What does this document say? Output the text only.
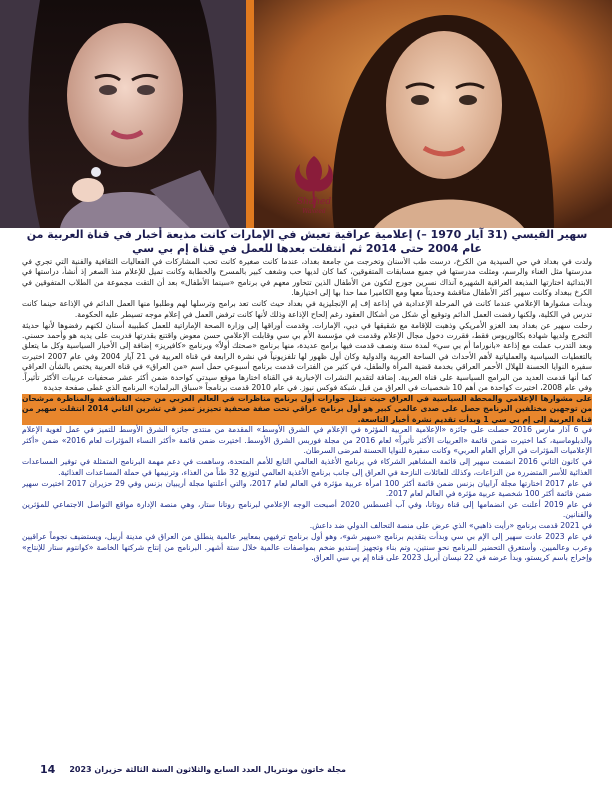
Shahed
Waxeed
سهير القيسي (31 آيار 1970 –) إعلامية عراقية تعيش في الإمارات كانت مذيعة أخبار في قناة العربية من عام 2004 حتى 2014 ثم انتقلت بعدها للعمل في قناة إم بي سي

ولدت في بغداد في حي السيدية من الكرخ، درست طب الأسنان وتخرجت من جامعة بغداد، عندما كانت صغيرة كانت تحب المشاركات في الفعاليات الثقافية والفنية التي تجري في مدرستها مثل الغناء والرسم، ومثلت مدرستها في جميع مسابقات المتفوقين، كما كان لديها حب وشغف كبير بالمسرح والخطابة وكانت تميل للإعلام منذ الصغر إذ أنشأ، دراستها في الابتدائية اختارتها المذيعة العراقية الشهيرة آنذاك نسرين جورج لتكون من الأطفال الذين تتحاور معهم في برنامج «سينما الأطفال» بعد أن التقت مجموعة من الطلاب المتفوقين في الكرخ ببغداد وكانت سهير أكثر الأطفال مناقشة وحديثاً معها ومع الكاميرا مما حدا بها إلى اختيارها.

وبدأت مشوارها الإعلامي عندما كانت في المرحلة الإعدادية في إذاعة إف إم الإنجليزية في بغداد حيث كانت تعد برامج وترسلها لهم وطلبوا منها العمل الدائم في الإذاعة حينما كانت تدرس في الكلية، ولكنها رفضت العمل الدائم وتوقيع أي شكل من أشكال العقود رغم إلحاح الإذاعة وذلك لأنها كانت ترفض العمل في إعلام موجه تسيطر عليه الحكومة.

رحلت سهير عن بغداد بعد الغزو الأمريكي وذهبت للإقامة مع شقيقها في دبي، الإمارات. وقدمت أوراقها إلى وزارة الصحة الإماراتية للعمل كطبيبة أسنان لكنهم رفضوها لأنها حديثة التخرج ولديها شهادة بكالوريوس فقط، فقررت دخول مجال الإعلام وقدمت في مؤسسة الأم بي سي وقابلت الإعلامي حسن معوض واقتنع بقدرتها فدربت على يديه هو وأحمد حسني. وبعد التدرب عملت مع إذاعة «بانوراما أم بي سي» لمدة سنة ونصف قدمت فيها برامج عديدة، منها برنامج «صحتك أولاً» وبرنامج «كافيريز» إضافة إلى الأخبار السياسية وكل ما يتعلق بالتغطيات السياسية والعملياتية لأهم الأحداث في الساحة العربية والدولية وكان أول ظهور لها تلفزيونياً في نشرة الرابعة في قناة العربية في 21 آيار 2004 وفي عام 2007 اختيرت سفيرة النوايا الحسنة للهلال الأحمر العراقي بخدمة قضية المرأة والطفل، في كثير من الفترات قدمت برنامج أسبوعي حمل اسم «من العراق» في قناة العربية يختص بالشأن العراقي كما أنها قدمت العديد من البرامج السياسية على قناة العربية. إضافة لتقديم النشرات الإخبارية في القناة اختارها موقع سيدتي كواحدة ضمن أكثر عشر صحفيات عربيات الأكثر تأثيراً. وفي عام 2008، اختيرت كواحدة من أهم 10 شخصيات في العراق من قبل شبكة فوكس نيوز. في عام 2010 قدمت برنامجاً «سباق البرلمان» البرنامج الذي غطى صفحة جديدة

على مشوارها الإعلامي والمحطة السياسية في العراق حيث تمثل حوارات أول برنامج مناظرات في العالم العربي من حيث المنافسة والمناظرة مرشحان من توجهين مختلفين البرنامج حصل على صدى عالمي كبير هو أول برنامج عراقي تحت صفة صحفية تحيزيز تميز في تشرين الثاني 2014 انتقلت سهير من قناة العربية إلى إم بي سي 1 وبدأت تقديم نشرة أخبار التاسعة.

في 6 آذار مارس 2016 حصلت على جائزة «الإعلامية العربية المؤثرة في الإعلام في الشرق الأوسط» المقدمة من منتدى جائزة الشرق الأوسط للتميز في عمل لغوية الإعلام والدبلوماسية، كما اختيرت ضمن قائمة «العربيات الأكثر تأثيراً» لعام 2016 من مجلة فوربس الشرق الأوسط. اختيرت ضمن قائمة «أكثر النساء المؤثرات لعام 2016» ضمن «أكثر الإعلاميات المؤثرات في الرأي العام العربي» وكانت سفيرة للنوايا الحسنة لمرضى السرطان.

في كانون الثاني 2016 انضمت سهير إلى قائمة المشاهير الشركاء في برنامج الأغذية العالمي التابع للأمم المتحدة، وساهمت في دعم مهمة البرنامج المتمثلة في توفير المساعدات الغذائية للأسر المتضررة من النزاعات، وكذلك للعائلات النازحة في العراق إلى جانب برنامج الأغذية العالمي لتوزيع 32 طناً من الغذاء، وترنيمها في حملة المساعدات الغذائية.

في عام 2017 اختارتها مجلة آرابيان بزنس ضمن قائمة أكثر 100 امرأة عربية مؤثرة في العالم لعام 2017، والتي أعلنتها مجلة أريبيان بزنس وفي 29 حزيران 2017 اختيرت سهير ضمن قائمة أكثر 100 شخصية عربية مؤثرة في العالم لعام 2017.

في عام 2019 أعلنت عن انضمامها إلى قناة روتانا، وفي آب أغسطس 2020 أصبحت الوجه الإعلامي لبرنامج روتانا ستار، وهي منصة الإدارة مواقع التواصل الاجتماعي للمؤثرين والفنانين.

في 2021 قدمت برنامج «رأيت ذاهبي» الذي عرض على منصة التحالف الدولي ضد داعش.

في عام 2023 عادت سهير إلى الإم بي سي وبدأت بتقديم برنامج «سهير شو»، وهو أول برنامج ترفيهي بمعايير عالمية ينطلق من العراق في مدينة أربيل، ويستضيف نجوماً عراقيين وعرب وعالميين. وأستغرق التحضير للبرنامج نحو سنتين، وتم بناء وتجهيز إستديو ضخم بمواصفات عالمية خلال ستة أشهر. البرنامج من إنتاج شركتها الخاصة «كوانتوم ستار للإنتاج» وإخراج باسم كريستو، وبدأ عرضه في 22 نيسان أبريل 2023 على قناة إم بي سي العراق.

14 مجلة خاتون مونتريال العدد السابع والثلاثون السنة الثالثة حزيران 2023
